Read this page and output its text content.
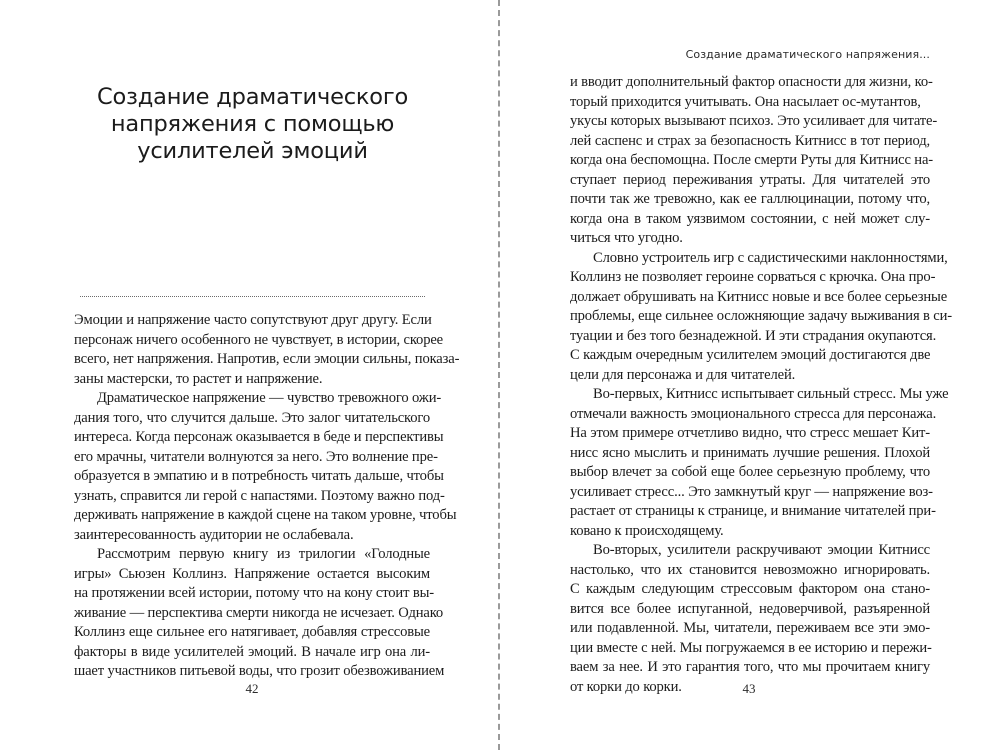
Создание драматического
напряжения с помощью
усилителей эмоций
Эмоции и напряжение часто сопутствуют друг другу. Если
персонаж ничего особенного не чувствует, в истории, скорее
всего, нет напряжения. Напротив, если эмоции сильны, показа-
заны мастерски, то растет и напряжение.
Драматическое напряжение — чувство тревожного ожи-
дания того, что случится дальше. Это залог читательского
интереса. Когда персонаж оказывается в беде и перспективы
его мрачны, читатели волнуются за него. Это волнение пре-
образуется в эмпатию и в потребность читать дальше, чтобы
узнать, справится ли герой с напастями. Поэтому важно под-
держивать напряжение в каждой сцене на таком уровне, чтобы
заинтересованность аудитории не ослабевала.
Рассмотрим первую книгу из трилогии «Голодные
игры» Сьюзен Коллинз. Напряжение остается высоким
на протяжении всей истории, потому что на кону стоит вы-
живание — перспектива смерти никогда не исчезает. Однако
Коллинз еще сильнее его натягивает, добавляя стрессовые
факторы в виде усилителей эмоций. В начале игр она ли-
шает участников питьевой воды, что грозит обезвоживанием
42
Создание драматического напряжения...
и вводит дополнительный фактор опасности для жизни, ко-
торый приходится учитывать. Она насылает ос-мутантов,
укусы которых вызывают психоз. Это усиливает для читате-
лей саспенс и страх за безопасность Китнисс в тот период,
когда она беспомощна. После смерти Руты для Китнисс на-
ступает период переживания утраты. Для читателей это
почти так же тревожно, как ее галлюцинации, потому что,
когда она в таком уязвимом состоянии, с ней может слу-
читься что угодно.
Словно устроитель игр с садистическими наклонностями,
Коллинз не позволяет героине сорваться с крючка. Она про-
должает обрушивать на Китнисс новые и все более серьезные
проблемы, еще сильнее осложняющие задачу выживания в си-
туации и без того безнадежной. И эти страдания окупаются.
С каждым очередным усилителем эмоций достигаются две
цели для персонажа и для читателей.
Во-первых, Китнисс испытывает сильный стресс. Мы уже
отмечали важность эмоционального стресса для персонажа.
На этом примере отчетливо видно, что стресс мешает Кит-
нисс ясно мыслить и принимать лучшие решения. Плохой
выбор влечет за собой еще более серьезную проблему, что
усиливает стресс... Это замкнутый круг — напряжение воз-
растает от страницы к странице, и внимание читателей при-
ковано к происходящему.
Во-вторых, усилители раскручивают эмоции Китнисс
настолько, что их становится невозможно игнорировать.
С каждым следующим стрессовым фактором она стано-
вится все более испуганной, недоверчивой, разъяренной
или подавленной. Мы, читатели, переживаем все эти эмо-
ции вместе с ней. Мы погружаемся в ее историю и пережи-
ваем за нее. И это гарантия того, что мы прочитаем книгу
от корки до корки.	43
